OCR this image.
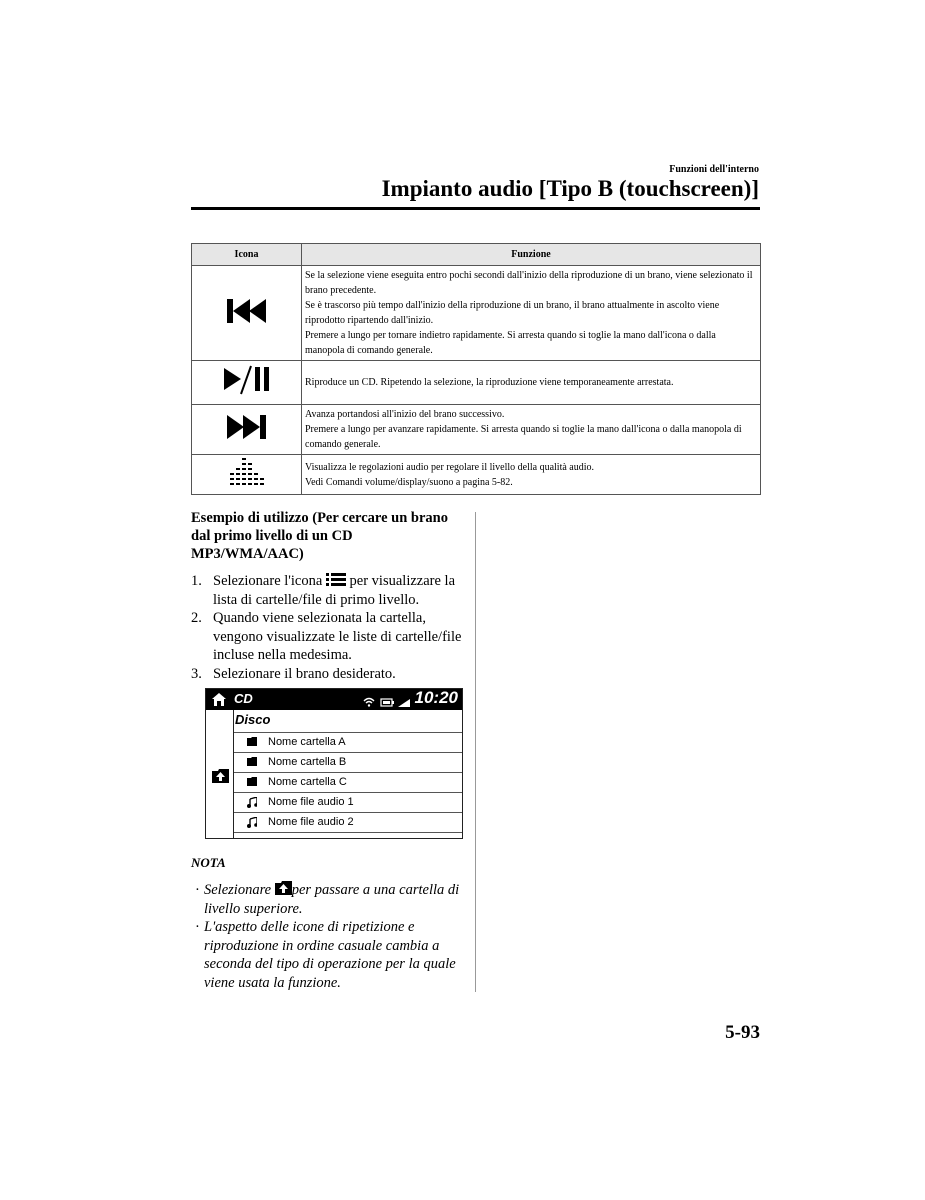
Funzioni dell'interno
Impianto audio [Tipo B (touchscreen)]
Icona	Funzione

Se la selezione viene eseguita entro pochi secondi dall'inizio della riproduzione di un brano, viene selezionato il brano precedente.
Se è trascorso più tempo dall'inizio della riproduzione di un brano, il brano attualmente in ascolto viene riprodotto ripartendo dall'inizio.
Premere a lungo per tornare indietro rapidamente. Si arresta quando si toglie la mano dall'icona o dalla manopola di comando generale.

Riproduce un CD. Ripetendo la selezione, la riproduzione viene temporaneamente arrestata.

Avanza portandosi all'inizio del brano successivo.
Premere a lungo per avanzare rapidamente. Si arresta quando si toglie la mano dall'icona o dalla manopola di comando generale.

Visualizza le regolazioni audio per regolare il livello della qualità audio.
Vedi Comandi volume/display/suono a pagina 5-82.
Esempio di utilizzo (Per cercare un brano dal primo livello di un CD MP3/WMA/AAC)
1. Selezionare l'icona per visualizzare la lista di cartelle/file di primo livello.
2. Quando viene selezionata la cartella, vengono visualizzate le liste di cartelle/file incluse nella medesima.
3. Selezionare il brano desiderato.
CD
	10:20
Disco
Nome cartella A
Nome cartella B
Nome cartella C
Nome file audio 1
Nome file audio 2
NOTA
· Selezionare per passare a una cartella di livello superiore.
· L'aspetto delle icone di ripetizione e riproduzione in ordine casuale cambia a seconda del tipo di operazione per la quale viene usata la funzione.
5-93
